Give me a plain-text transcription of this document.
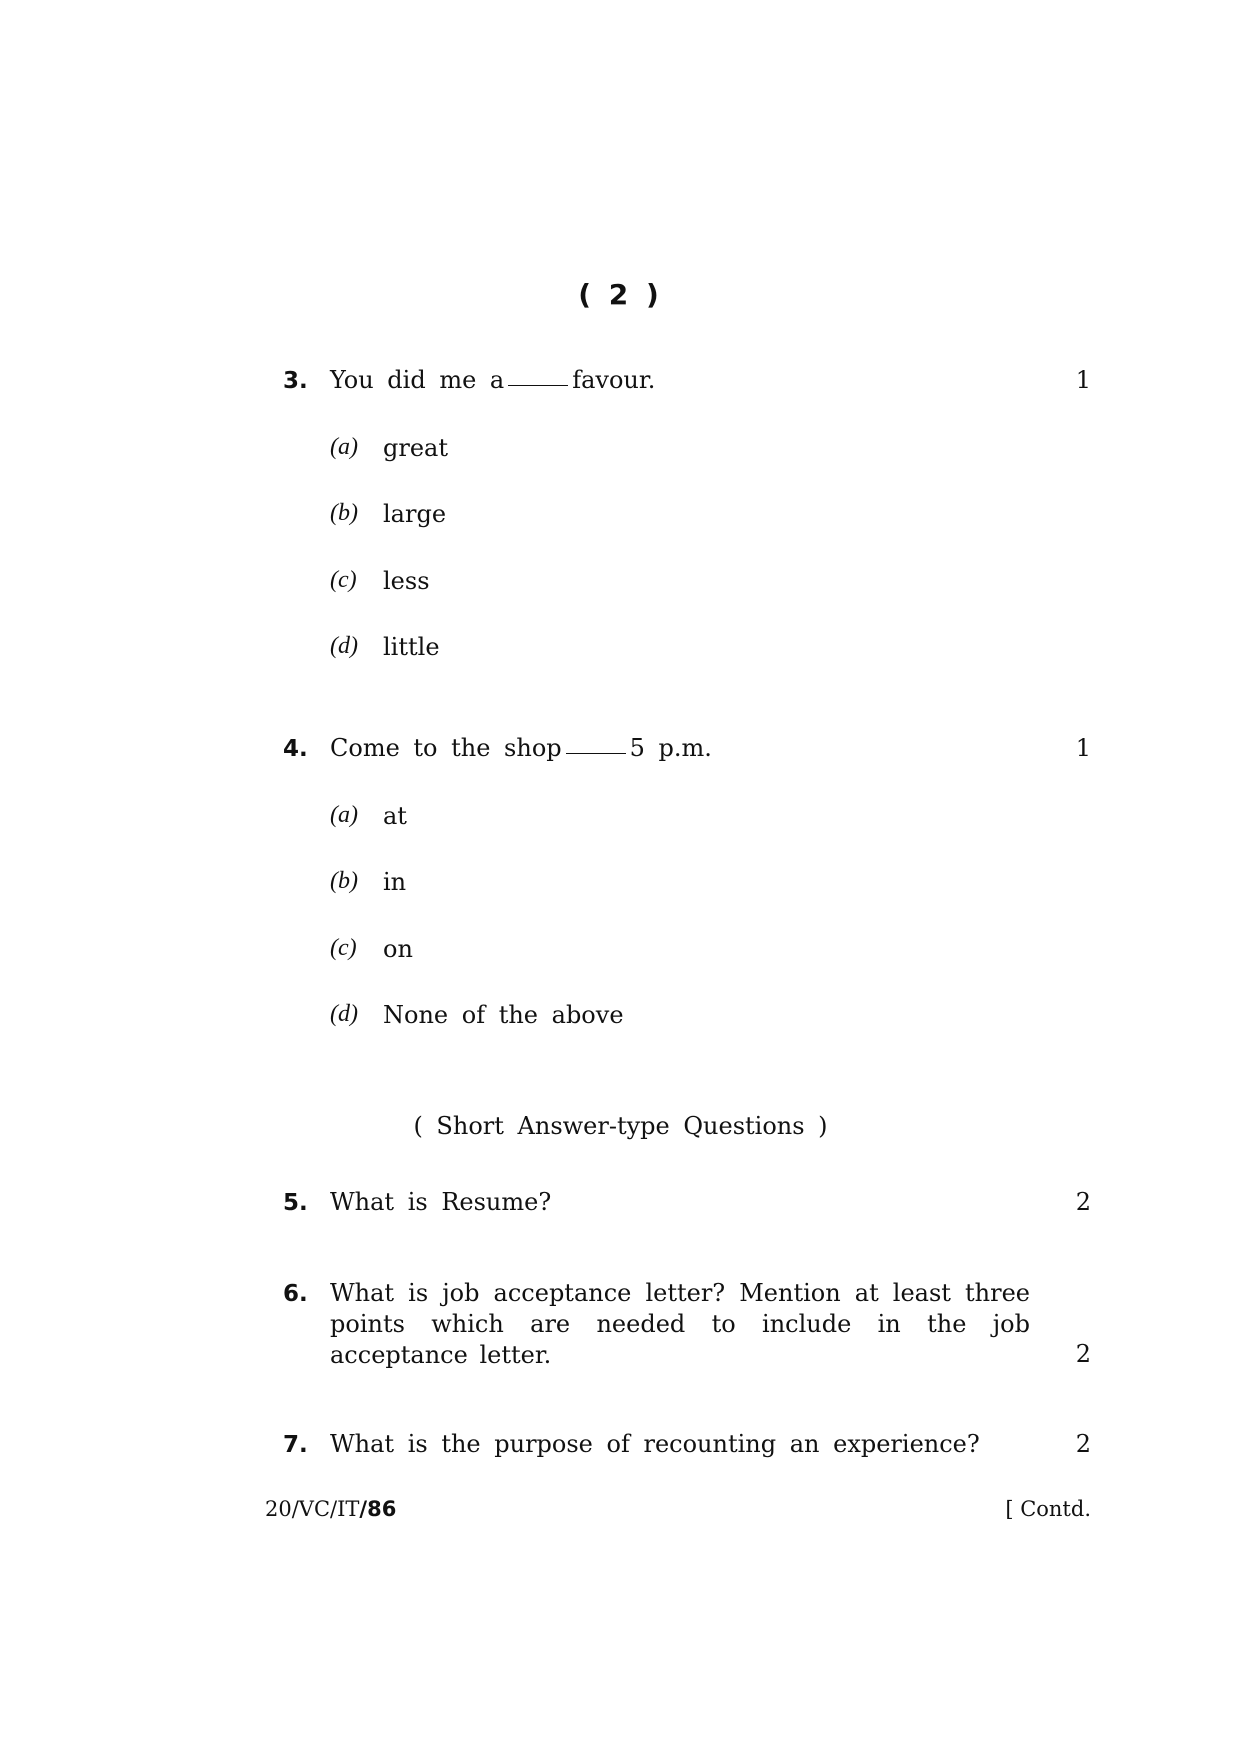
( 2 )
3. You did me a	favour.	1
(a) great
(b) large
(c) less
(d) little
4. Come to the shop	5 p.m.	1
(a) at
(b) in
(c) on
(d) None of the above
( Short Answer-type Questions )
5. What is Resume?	2
6. What is job acceptance letter? Mention at least three points which are needed to include in the job acceptance letter.	2
7. What is the purpose of recounting an experience?	2
20/VC/IT/86	[ Contd.
